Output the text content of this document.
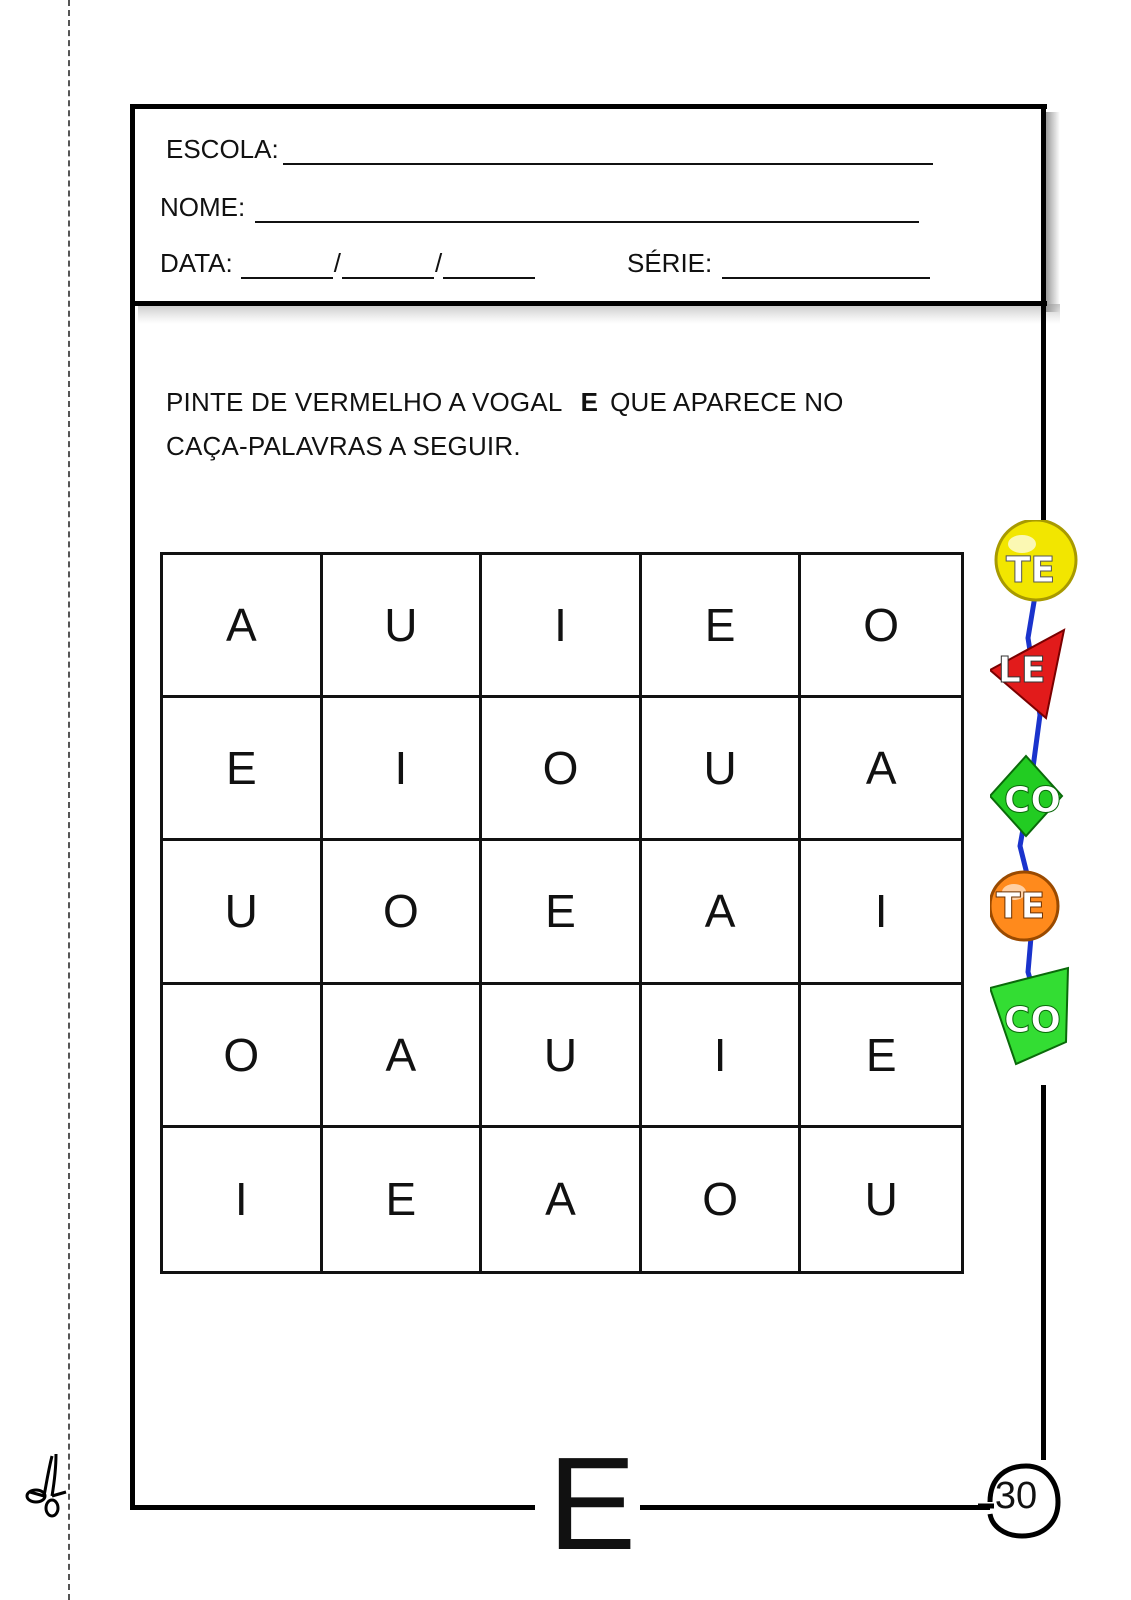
ESCOLA:
NOME:
DATA:	/	/	SÉRIE:
PINTE DE VERMELHO A VOGAL E QUE APARECE NO
CAÇA-PALAVRAS A SEGUIR.
A	U	I	E	O
E	I	O	U	A
U	O	E	A	I
O	A	U	I	E
I	E	A	O	U
E	30
TE
LE
CO
TE
CO
